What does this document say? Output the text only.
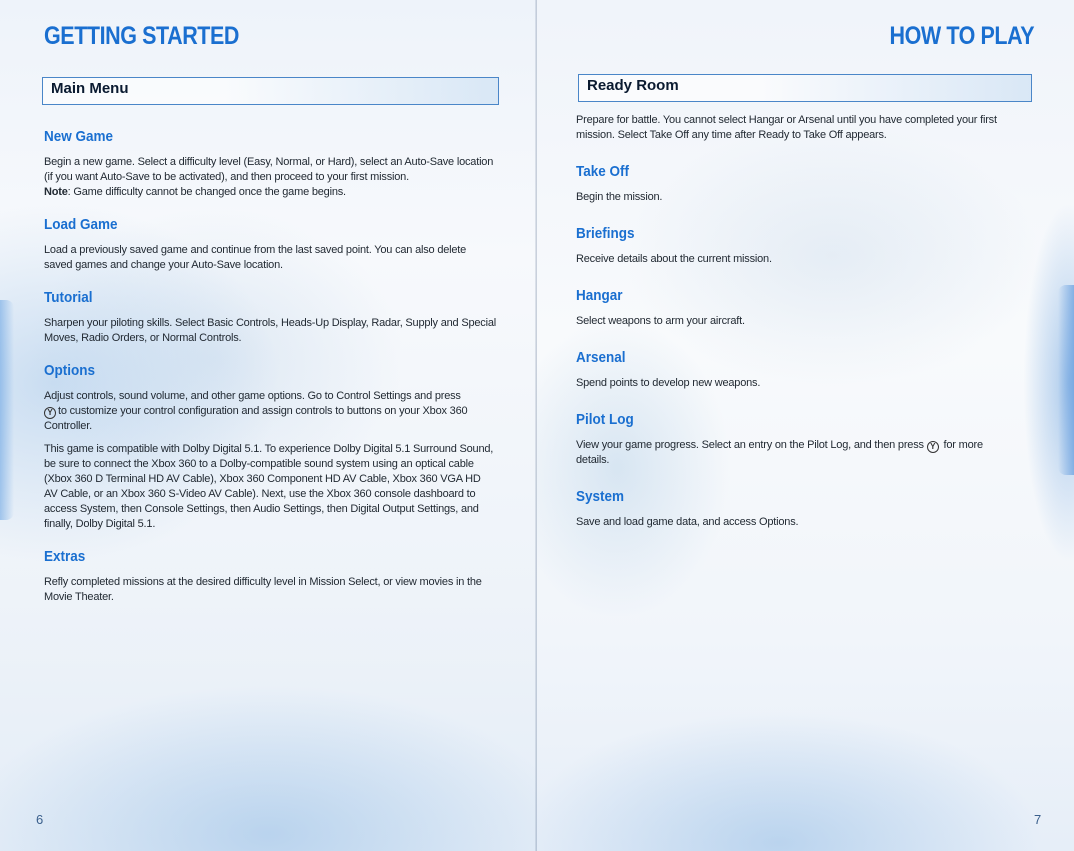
GETTING STARTED
Main Menu
New Game

Begin a new game. Select a difficulty level (Easy, Normal, or Hard), select an Auto-Save location (if you want Auto-Save to be activated), and then proceed to your first mission.
Note: Game difficulty cannot be changed once the game begins.

Load Game

Load a previously saved game and continue from the last saved point. You can also delete saved games and change your Auto-Save location.

Tutorial

Sharpen your piloting skills. Select Basic Controls, Heads-Up Display, Radar, Supply and Special Moves, Radio Orders, or Normal Controls.

Options

Adjust controls, sound volume, and other game options. Go to Control Settings and press
Y to customize your control configuration and assign controls to buttons on your Xbox 360 Controller.

This game is compatible with Dolby Digital 5.1. To experience Dolby Digital 5.1 Surround Sound, be sure to connect the Xbox 360 to a Dolby-compatible sound system using an optical cable (Xbox 360 D Terminal HD AV Cable), Xbox 360 Component HD AV Cable, Xbox 360 VGA HD AV Cable, or an Xbox 360 S-Video AV Cable). Next, use the Xbox 360 console dashboard to access System, then Console Settings, then Audio Settings, then Digital Output Settings, and finally, Dolby Digital 5.1.

Extras

Refly completed missions at the desired difficulty level in Mission Select, or view movies in the Movie Theater.

6
HOW TO PLAY
Ready Room

Prepare for battle. You cannot select Hangar or Arsenal until you have completed your first mission. Select Take Off any time after Ready to Take Off appears.

Take Off

Begin the mission.

Briefings

Receive details about the current mission.

Hangar

Select weapons to arm your aircraft.

Arsenal

Spend points to develop new weapons.

Pilot Log

View your game progress. Select an entry on the Pilot Log, and then press Y for more details.

System

Save and load game data, and access Options.

7
